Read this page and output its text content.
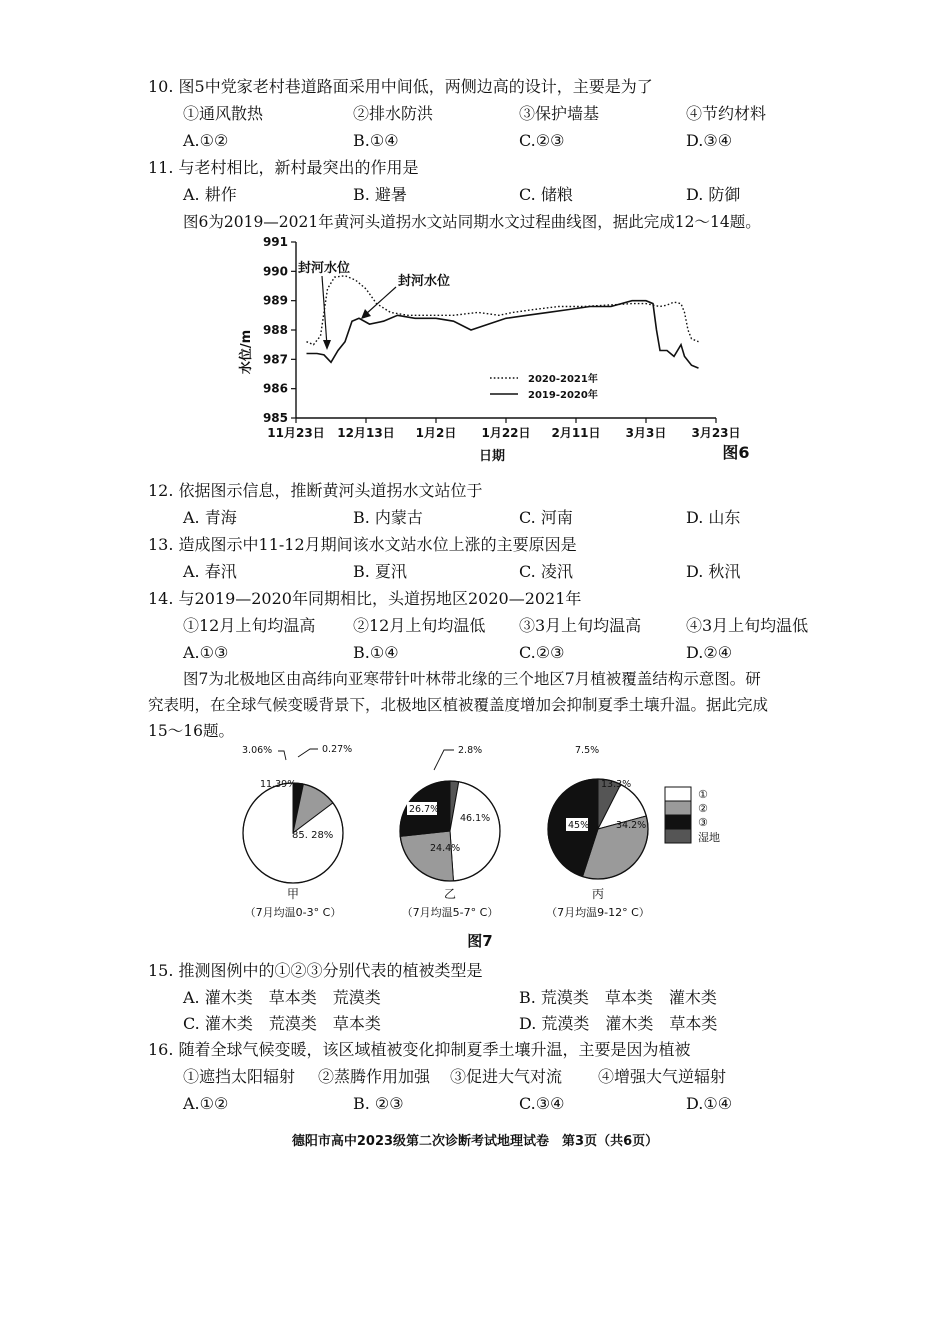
10. 图5中党家老村巷道路面采用中间低，两侧边高的设计，主要是为了
①通风散热	②排水防洪	③保护墙基	④节约材料
A.①②	B.①④	C.②③	D.③④
11. 与老村相比，新村最突出的作用是
A. 耕作	B. 避暑	C. 储粮	D. 防御
图6为2019—2021年黄河头道拐水文站同期水文过程曲线图，据此完成12～14题。
985
986
987
988
989
990
991
11月23日 12月13日 1月2日 1月22日 2月11日 3月3日 3月23日
水位/m
日期	图6
封河水位
封河水位
2020-2021年
2019-2020年
12. 依据图示信息，推断黄河头道拐水文站位于
A. 青海	B. 内蒙古	C. 河南	D. 山东
13. 造成图示中11-12月期间该水文站水位上涨的主要原因是
A. 春汛	B. 夏汛	C. 凌汛	D. 秋汛
14. 与2019—2020年同期相比，头道拐地区2020—2021年
①12月上旬均温高 ②12月上旬均温低 ③3月上旬均温高	④3月上旬均温低
A.①③	B.①④	C.②③	D.②④
图7为北极地区由高纬向亚寒带针叶林带北缘的三个地区7月植被覆盖结构示意图。研
究表明，在全球气候变暖背景下，北极地区植被覆盖度增加会抑制夏季土壤升温。据此完成
15～16题。
3.06%	0.27%
11.39%
85. 28%
2.8%
46.1%
24.4%
26.7%
7.5%
13.3%
34.2%
45%
①
②
③
湿地
甲
（7月均温0-3° C）
乙
（7月均温5-7° C）
丙
（7月均温9-12° C）
图7
15. 推测图例中的①②③分别代表的植被类型是
A. 灌木类　草本类　荒漠类	B. 荒漠类　草本类　灌木类
C. 灌木类　荒漠类　草本类	D. 荒漠类　灌木类　草本类
16. 随着全球气候变暖，该区域植被变化抑制夏季土壤升温，主要是因为植被
①遮挡太阳辐射 ②蒸腾作用加强 ③促进大气对流 ④增强大气逆辐射
A.①②	B. ②③	C.③④	D.①④
德阳市高中2023级第二次诊断考试地理试卷　第3页（共6页）
